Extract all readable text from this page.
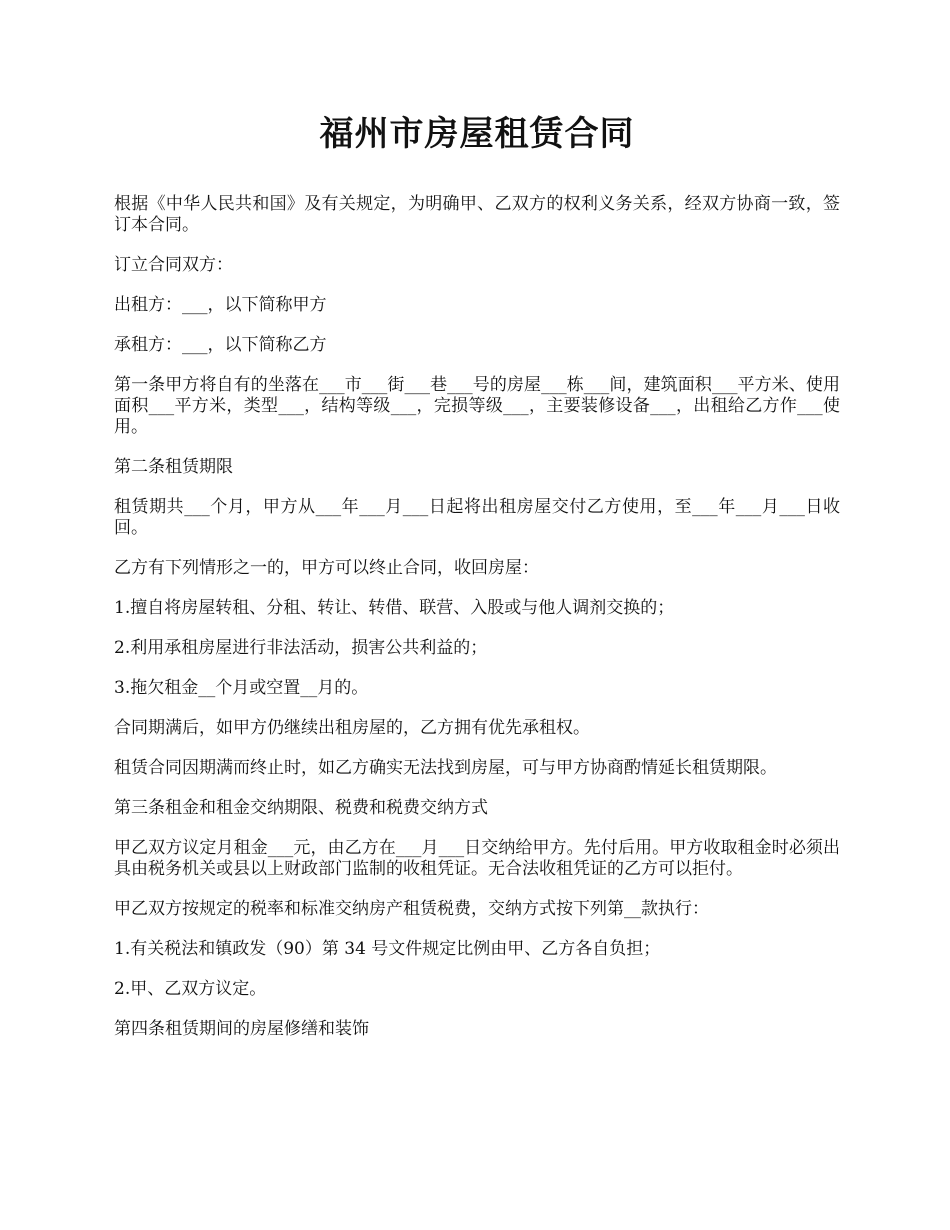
福州市房屋租赁合同

根据《中华人民共和国》及有关规定，为明确甲、乙双方的权利义务关系，经双方协商一致，签订本合同。

订立合同双方：

出租方：___，以下简称甲方

承租方：___，以下简称乙方

第一条甲方将自有的坐落在___市___街___巷___号的房屋___栋___间，建筑面积___平方米、使用面积___平方米，类型___，结构等级___，完损等级___，主要装修设备___，出租给乙方作___使用。

第二条租赁期限

租赁期共___个月，甲方从___年___月___日起将出租房屋交付乙方使用，至___年___月___日收回。

乙方有下列情形之一的，甲方可以终止合同，收回房屋：

1.擅自将房屋转租、分租、转让、转借、联营、入股或与他人调剂交换的；

2.利用承租房屋进行非法活动，损害公共利益的；

3.拖欠租金__个月或空置__月的。

合同期满后，如甲方仍继续出租房屋的，乙方拥有优先承租权。

租赁合同因期满而终止时，如乙方确实无法找到房屋，可与甲方协商酌情延长租赁期限。

第三条租金和租金交纳期限、税费和税费交纳方式

甲乙双方议定月租金___元，由乙方在___月___日交纳给甲方。先付后用。甲方收取租金时必须出具由税务机关或县以上财政部门监制的收租凭证。无合法收租凭证的乙方可以拒付。

甲乙双方按规定的税率和标准交纳房产租赁税费，交纳方式按下列第__款执行：

1.有关税法和镇政发（90）第 34 号文件规定比例由甲、乙方各自负担；

2.甲、乙双方议定。

第四条租赁期间的房屋修缮和装饰
